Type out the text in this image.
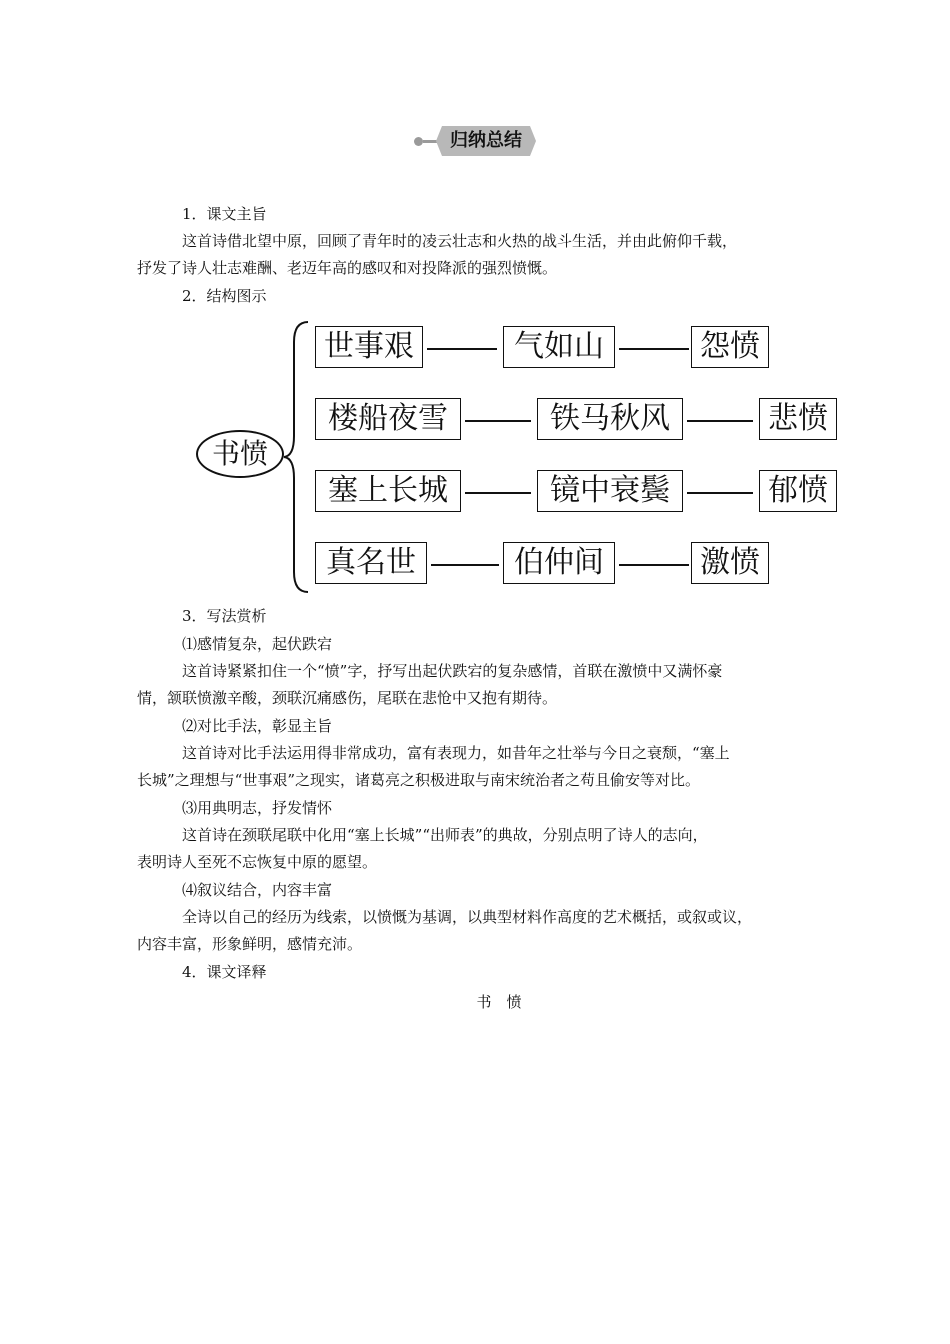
归纳总结
1．课文主旨
这首诗借北望中原，回顾了青年时的凌云壮志和火热的战斗生活，并由此俯仰千载，
抒发了诗人壮志难酬、老迈年高的感叹和对投降派的强烈愤慨。
2．结构图示
书愤
世事艰	气如山	怨愤
楼船夜雪	铁马秋风	悲愤
塞上长城	镜中衰鬓	郁愤
真名世	伯仲间	激愤
3．写法赏析
⑴感情复杂，起伏跌宕
这首诗紧紧扣住一个“愤”字，抒写出起伏跌宕的复杂感情，首联在激愤中又满怀豪
情，颔联愤激辛酸，颈联沉痛感伤，尾联在悲怆中又抱有期待。
⑵对比手法，彰显主旨
这首诗对比手法运用得非常成功，富有表现力，如昔年之壮举与今日之衰颓，“塞上
长城”之理想与“世事艰”之现实，诸葛亮之积极进取与南宋统治者之苟且偷安等对比。
⑶用典明志，抒发情怀
这首诗在颈联尾联中化用“塞上长城”“出师表”的典故，分别点明了诗人的志向，
表明诗人至死不忘恢复中原的愿望。
⑷叙议结合，内容丰富
全诗以自己的经历为线索，以愤慨为基调，以典型材料作高度的艺术概括，或叙或议，
内容丰富，形象鲜明，感情充沛。
4．课文译释
书　愤
